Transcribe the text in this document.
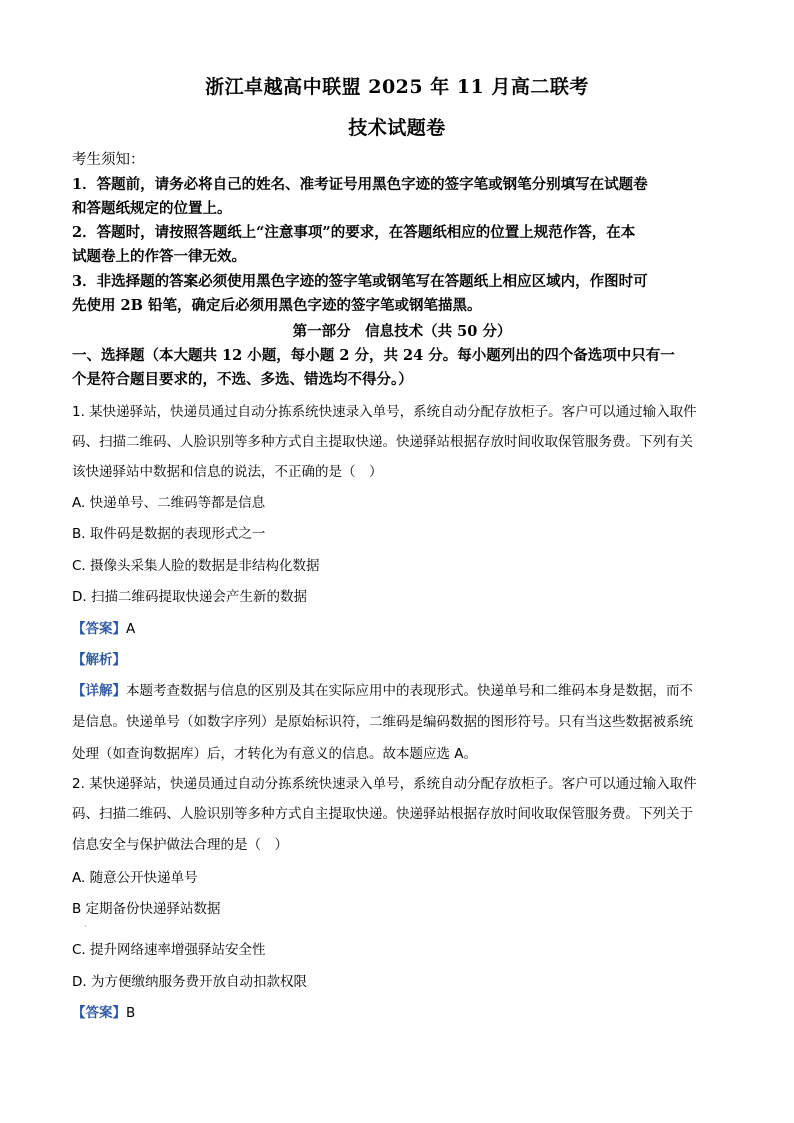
浙江卓越高中联盟 2025 年 11 月高二联考
技术试题卷
考生须知：
1．答题前，请务必将自己的姓名、准考证号用黑色字迹的签字笔或钢笔分别填写在试题卷
和答题纸规定的位置上。
2．答题时，请按照答题纸上“注意事项”的要求，在答题纸相应的位置上规范作答，在本
试题卷上的作答一律无效。
3．非选择题的答案必须使用黑色字迹的签字笔或钢笔写在答题纸上相应区域内，作图时可
先使用 2B 铅笔，确定后必须用黑色字迹的签字笔或钢笔描黑。
第一部分　信息技术（共 50 分）
一、选择题（本大题共 12 小题，每小题 2 分，共 24 分。每小题列出的四个备选项中只有一
个是符合题目要求的，不选、多选、错选均不得分。）
1. 某快递驿站，快递员通过自动分拣系统快速录入单号，系统自动分配存放柜子。客户可以通过输入取件
码、扫描二维码、人脸识别等多种方式自主提取快递。快递驿站根据存放时间收取保管服务费。下列有关
该快递驿站中数据和信息的说法，不正确的是（　）
A. 快递单号、二维码等都是信息
B. 取件码是数据的表现形式之一
C. 摄像头采集人脸的数据是非结构化数据
D. 扫描二维码提取快递会产生新的数据
【答案】A
【解析】
【详解】本题考查数据与信息的区别及其在实际应用中的表现形式。快递单号和二维码本身是数据，而不
是信息。快递单号（如数字序列）是原始标识符，二维码是编码数据的图形符号。只有当这些数据被系统
处理（如查询数据库）后，才转化为有意义的信息。故本题应选 A。
2. 某快递驿站，快递员通过自动分拣系统快速录入单号，系统自动分配存放柜子。客户可以通过输入取件
码、扫描二维码、人脸识别等多种方式自主提取快递。快递驿站根据存放时间收取保管服务费。下列关于
信息安全与保护做法合理的是（　）
A. 随意公开快递单号
B 定期备份快递驿站数据
·
C. 提升网络速率增强驿站安全性
D. 为方便缴纳服务费开放自动扣款权限
【答案】B
